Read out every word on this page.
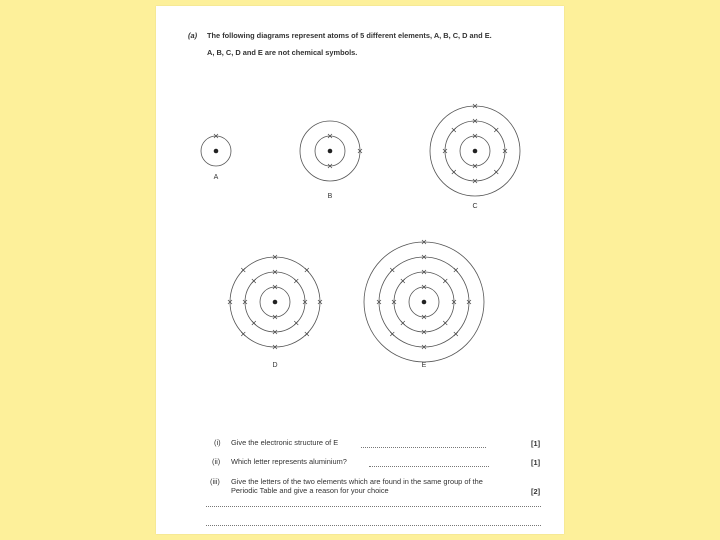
(a) The following diagrams represent atoms of 5 different elements, A, B, C, D and E.
A, B, C, D and E are not chemical symbols.
×	×
×
×
×
×
×
×
×
×
×
×
×
×
×
×
×
×
×
×
×
×
×
×
×
×
×
×
×
×
×
×
×
×
×
×
×
×
×
×
×
×
×
×
×
×
×
×
×
×
×
×
A
B
C
D	E
(i) Give the electronic structure of E	[1]
(ii) Which letter represents aluminium?	[1]
(iii) Give the letters of the two elements which are found in the same group of the
Periodic Table and give a reason for your choice	[2]
